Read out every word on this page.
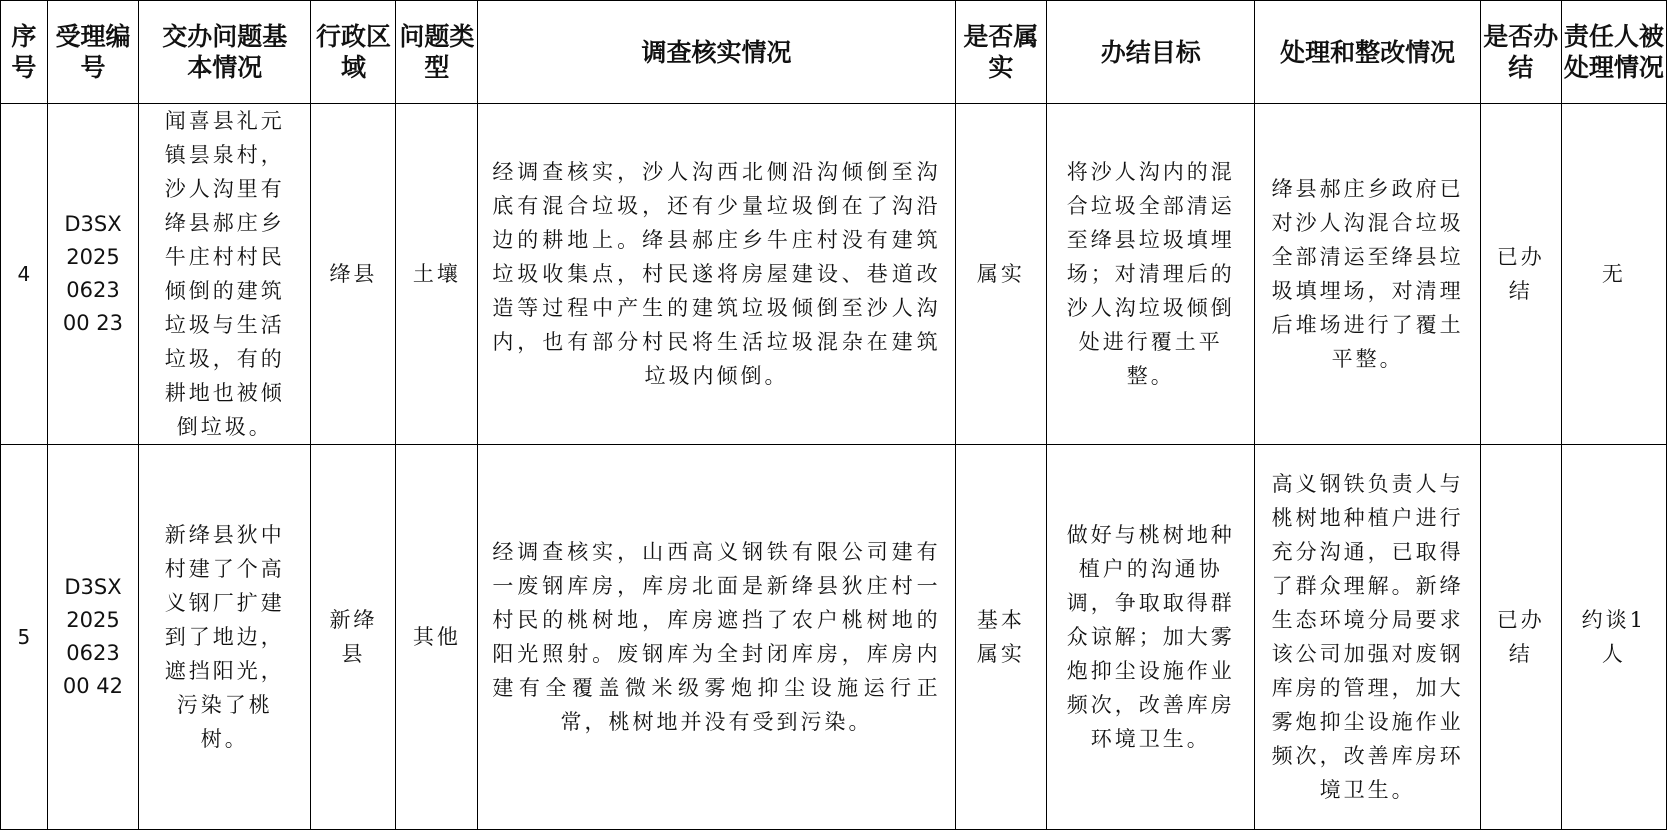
序号	受理编号	交办问题基本情况	行政区域	问题类型	调查核实情况	是否属实	办结目标	处理和整改情况	是否办结	责任人被处理情况
4	D3SX2025062300 23	闻喜县礼元镇昙泉村，沙人沟里有绛县郝庄乡牛庄村村民倾倒的建筑垃圾与生活垃圾，有的耕地也被倾倒垃圾。	绛县	土壤	经调查核实，沙人沟西北侧沿沟倾倒至沟底有混合垃圾，还有少量垃圾倒在了沟沿边的耕地上。绛县郝庄乡牛庄村没有建筑垃圾收集点，村民遂将房屋建设、巷道改造等过程中产生的建筑垃圾倾倒至沙人沟内，也有部分村民将生活垃圾混杂在建筑垃圾内倾倒。	属实	将沙人沟内的混合垃圾全部清运至绛县垃圾填埋场；对清理后的沙人沟垃圾倾倒处进行覆土平整。	绛县郝庄乡政府已对沙人沟混合垃圾全部清运至绛县垃圾填埋场，对清理后堆场进行了覆土平整。	已办结	无
5	D3SX2025062300 42	新绛县狄中村建了个高义钢厂扩建到了地边，遮挡阳光，污染了桃树。	新绛县	其他	经调查核实，山西高义钢铁有限公司建有一废钢库房，库房北面是新绛县狄庄村一村民的桃树地，库房遮挡了农户桃树地的阳光照射。废钢库为全封闭库房，库房内建有全覆盖微米级雾炮抑尘设施运行正常，桃树地并没有受到污染。	基本属实	做好与桃树地种植户的沟通协调，争取取得群众谅解；加大雾炮抑尘设施作业频次，改善库房环境卫生。	高义钢铁负责人与桃树地种植户进行充分沟通，已取得了群众理解。新绛生态环境分局要求该公司加强对废钢库房的管理，加大雾炮抑尘设施作业频次，改善库房环境卫生。	已办结	约谈1人
